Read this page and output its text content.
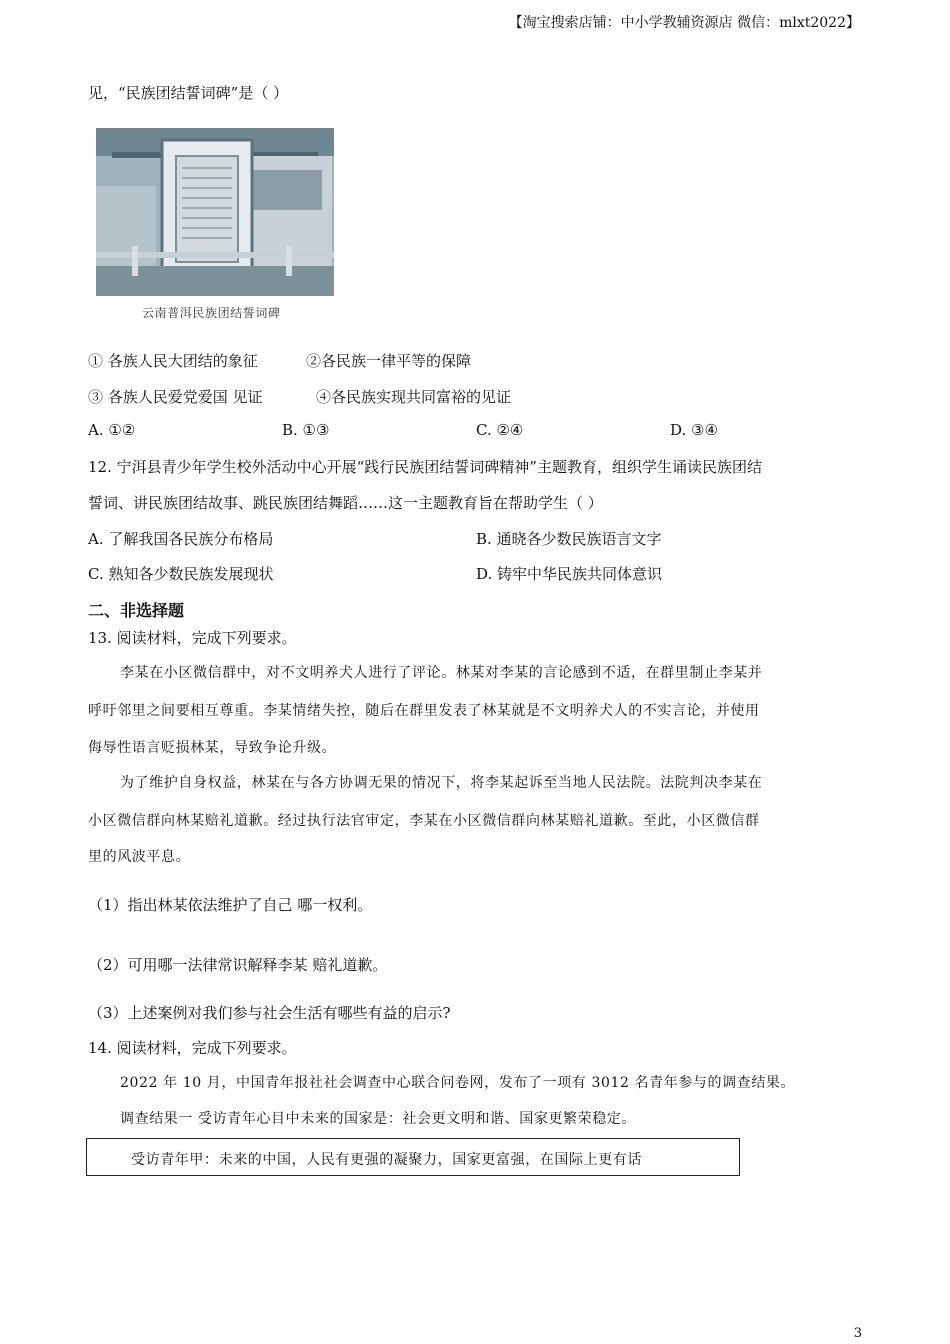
【淘宝搜索店铺：中小学教辅资源店 微信：mlxt2022】
见，“民族团结誓词碑”是（ ）
云南普洱民族团结誓词碑
① 各族人民大团结的象征	②各民族一律平等的保障
③ 各族人民爱党爱国 见证	④各民族实现共同富裕的见证
A. ①②	B. ①③	C. ②④	D. ③④
12. 宁洱县青少年学生校外活动中心开展“践行民族团结誓词碑精神”主题教育，组织学生诵读民族团结
誓词、讲民族团结故事、跳民族团结舞蹈……这一主题教育旨在帮助学生（ ）
A. 了解我国各民族分布格局	B. 通晓各少数民族语言文字
C. 熟知各少数民族发展现状	D. 铸牢中华民族共同体意识
二、非选择题
13. 阅读材料，完成下列要求。
李某在小区微信群中，对不文明养犬人进行了评论。林某对李某的言论感到不适，在群里制止李某并
呼吁邻里之间要相互尊重。李某情绪失控，随后在群里发表了林某就是不文明养犬人的不实言论，并使用
侮辱性语言贬损林某，导致争论升级。
为了维护自身权益，林某在与各方协调无果的情况下，将李某起诉至当地人民法院。法院判决李某在
小区微信群向林某赔礼道歉。经过执行法官审定，李某在小区微信群向林某赔礼道歉。至此，小区微信群
里的风波平息。
（1）指出林某依法维护了自己 哪一权利。
（2）可用哪一法律常识解释李某 赔礼道歉。
（3）上述案例对我们参与社会生活有哪些有益的启示?
14. 阅读材料，完成下列要求。
2022 年 10 月，中国青年报社社会调查中心联合问卷网，发布了一项有 3012 名青年参与的调查结果。
调查结果一 受访青年心目中未来的国家是：社会更文明和谐、国家更繁荣稳定。
受访青年甲：未来的中国，人民有更强的凝聚力，国家更富强，在国际上更有话
3
